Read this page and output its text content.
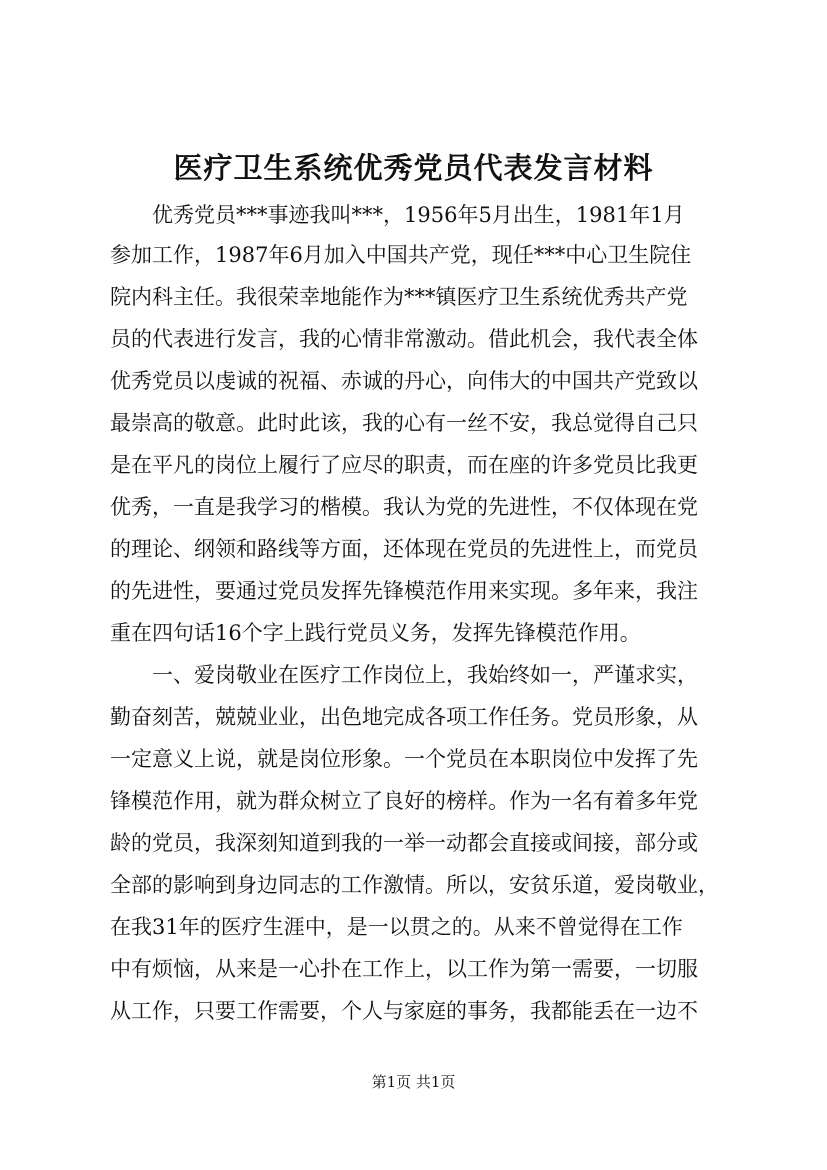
医疗卫生系统优秀党员代表发言材料
　　优秀党员***事迹我叫***，1956年5月出生，1981年1月
参加工作，1987年6月加入中国共产党，现任***中心卫生院住
院内科主任。我很荣幸地能作为***镇医疗卫生系统优秀共产党
员的代表进行发言，我的心情非常激动。借此机会，我代表全体
优秀党员以虔诚的祝福、赤诚的丹心，向伟大的中国共产党致以
最崇高的敬意。此时此该，我的心有一丝不安，我总觉得自己只
是在平凡的岗位上履行了应尽的职责，而在座的许多党员比我更
优秀，一直是我学习的楷模。我认为党的先进性，不仅体现在党
的理论、纲领和路线等方面，还体现在党员的先进性上，而党员
的先进性，要通过党员发挥先锋模范作用来实现。多年来，我注
重在四句话16个字上践行党员义务，发挥先锋模范作用。
　　一、爱岗敬业在医疗工作岗位上，我始终如一，严谨求实，
勤奋刻苦，兢兢业业，出色地完成各项工作任务。党员形象，从
一定意义上说，就是岗位形象。一个党员在本职岗位中发挥了先
锋模范作用，就为群众树立了良好的榜样。作为一名有着多年党
龄的党员，我深刻知道到我的一举一动都会直接或间接，部分或
全部的影响到身边同志的工作激情。所以，安贫乐道，爱岗敬业，
在我31年的医疗生涯中，是一以贯之的。从来不曾觉得在工作
中有烦恼，从来是一心扑在工作上，以工作为第一需要，一切服
从工作，只要工作需要，个人与家庭的事务，我都能丢在一边不
第1页 共1页
